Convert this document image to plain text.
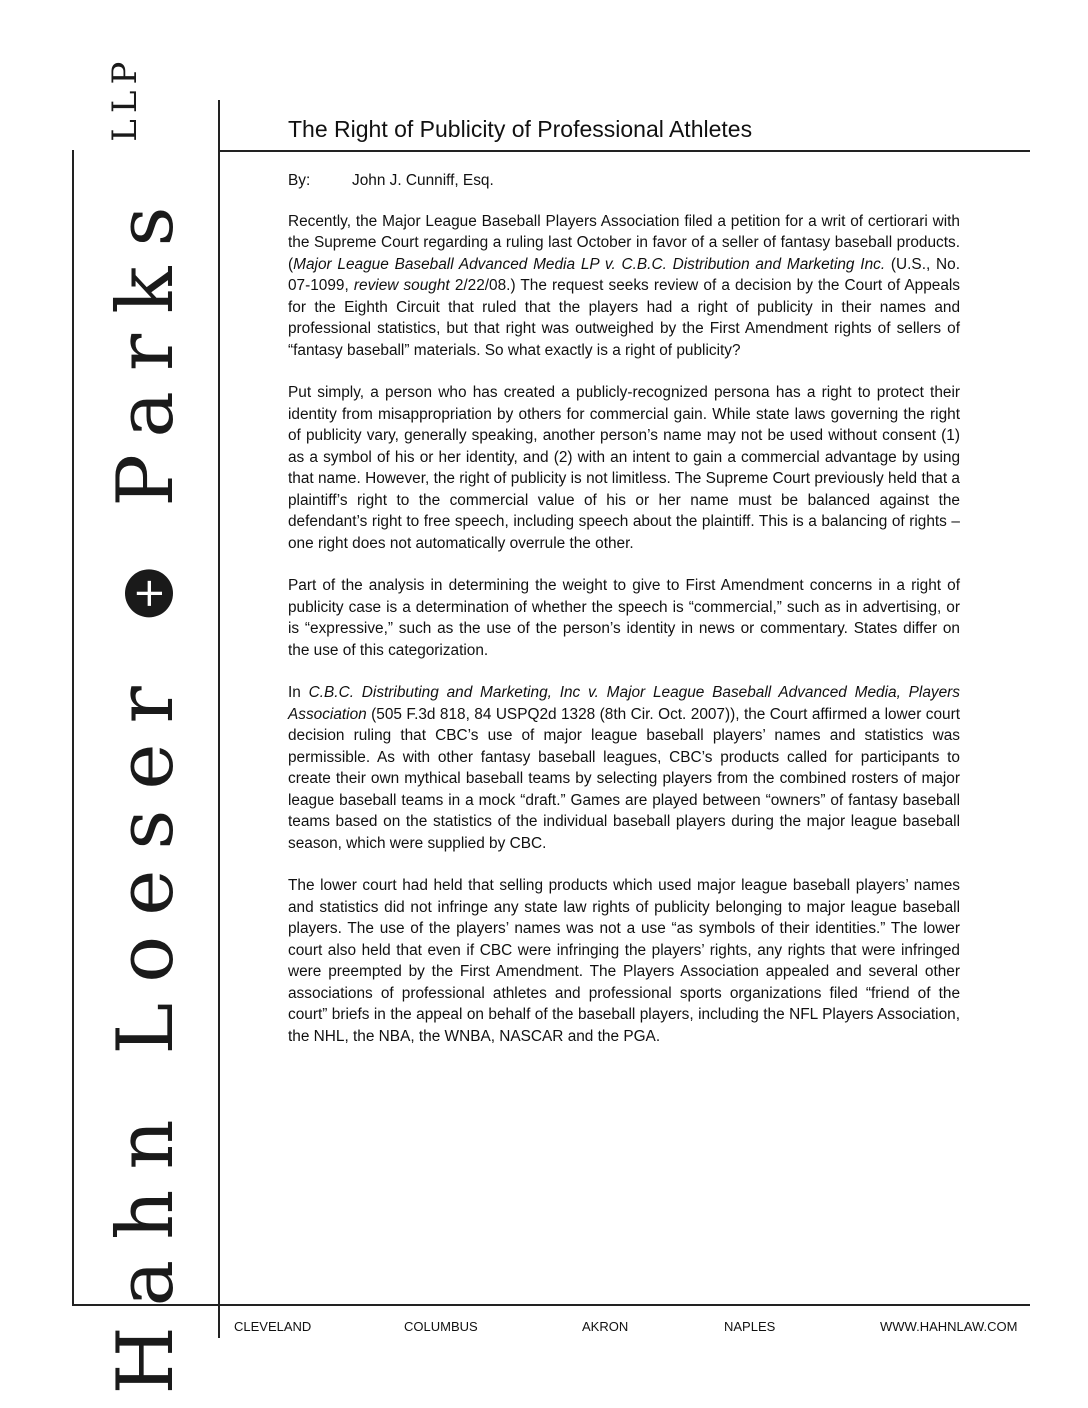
Hahn Loeser + Parks $^{LLP}$	The Right of Publicity of Professional Athletes
By:	John J. Cunniff, Esq.

Recently, the Major League Baseball Players Association filed a petition for a writ of certiorari with the Supreme Court regarding a ruling last October in favor of a seller of fantasy baseball products. (Major League Baseball Advanced Media LP v. C.B.C. Distribution and Marketing Inc. (U.S., No. 07-1099, review sought 2/22/08.) The request seeks review of a decision by the Court of Appeals for the Eighth Circuit that ruled that the players had a right of publicity in their names and professional statistics, but that right was outweighed by the First Amendment rights of sellers of “fantasy baseball” materials. So what exactly is a right of publicity?

Put simply, a person who has created a publicly-recognized persona has a right to protect their identity from misappropriation by others for commercial gain. While state laws governing the right of publicity vary, generally speaking, another person’s name may not be used without consent (1) as a symbol of his or her identity, and (2) with an intent to gain a commercial advantage by using that name. However, the right of publicity is not limitless. The Supreme Court previously held that a plaintiff’s right to the commercial value of his or her name must be balanced against the defendant’s right to free speech, including speech about the plaintiff. This is a balancing of rights – one right does not automatically overrule the other.

Part of the analysis in determining the weight to give to First Amendment concerns in a right of publicity case is a determination of whether the speech is “commercial,” such as in advertising, or is “expressive,” such as the use of the person’s identity in news or commentary. States differ on the use of this categorization.

In C.B.C. Distributing and Marketing, Inc v. Major League Baseball Advanced Media, Players Association (505 F.3d 818, 84 USPQ2d 1328 (8th Cir. Oct. 2007)), the Court affirmed a lower court decision ruling that CBC’s use of major league baseball players’ names and statistics was permissible. As with other fantasy baseball leagues, CBC’s products called for participants to create their own mythical baseball teams by selecting players from the combined rosters of major league baseball teams in a mock “draft.” Games are played between “owners” of fantasy baseball teams based on the statistics of the individual baseball players during the major league baseball season, which were supplied by CBC.

The lower court had held that selling products which used major league baseball players’ names and statistics did not infringe any state law rights of publicity belonging to major league baseball players. The use of the players’ names was not a use “as symbols of their identities.” The lower court also held that even if CBC were infringing the players’ rights, any rights that were infringed were preempted by the First Amendment. The Players Association appealed and several other associations of professional athletes and professional sports organizations filed “friend of the court” briefs in the appeal on behalf of the baseball players, including the NFL Players Association, the NHL, the NBA, the WNBA, NASCAR and the PGA.

CLEVELAND	COLUMBUS	AKRON	NAPLES	WWW.HAHNLAW.COM
